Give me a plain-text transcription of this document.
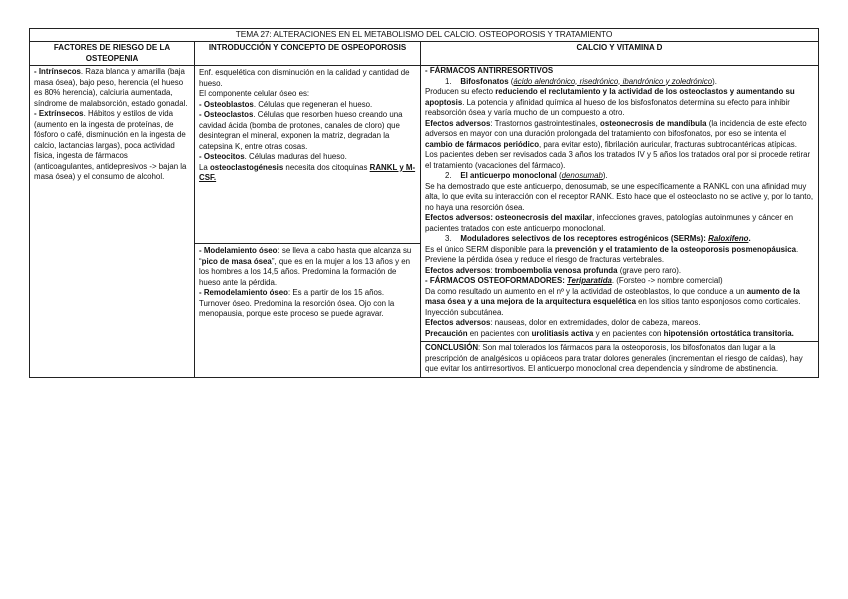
TEMA 27: ALTERACIONES EN EL METABOLISMO DEL CALCIO. OSTEOPOROSIS Y TRATAMIENTO
FACTORES DE RIESGO DE LA OSTEOPENIA
INTRODUCCIÓN Y CONCEPTO DE OSPEOPOROSIS	CALCIO Y VITAMINA D

- Intrínsecos. Raza blanca y amarilla (baja masa ósea), bajo peso, herencia (el hueso es 80% herencia), calciuria aumentada, síndrome de malabsorción, estado gonadal.

- Extrínsecos. Hábitos y estilos de vida (aumento en la ingesta de proteínas, de fósforo o café, disminución en la ingesta de calcio, lactancias largas), poca actividad física, ingesta de fármacos (anticoagulantes, antidepresivos -> bajan la masa ósea) y el consumo de alcohol.

Enf. esquelética con disminución en la calidad y cantidad de hueso.

El componente celular óseo es:

- Osteoblastos. Células que regeneran el hueso.

- Osteoclastos. Células que resorben hueso creando una cavidad ácida (bomba de protones, canales de cloro) que desintegran el mineral, exponen la matriz, degradan la catepsina K, entre otras cosas.

- Osteocitos. Células maduras del hueso.

La osteoclastogénesis necesita dos citoquinas RANKL y M-CSF.

- Modelamiento óseo: se lleva a cabo hasta que alcanza su “pico de masa ósea”, que es en la mujer a los 13 años y en los hombres a los 14,5 años. Predomina la formación de hueso ante la pérdida.

- Remodelamiento óseo: Es a partir de los 15 años. Turnover óseo. Predomina la resorción ósea. Ojo con la menopausia, porque este proceso se puede agravar.

- FÁRMACOS ANTIRRESORTIVOS

1. Bifosfonatos (ácido alendrónico, risedrónico, ibandrónico y zoledrónico).

Producen su efecto reduciendo el reclutamiento y la actividad de los osteoclastos y aumentando su apoptosis. La potencia y afinidad química al hueso de los bisfosfonatos determina su efecto para inhibir reabsorción ósea y varía mucho de un compuesto a otro.

Efectos adversos: Trastornos gastrointestinales, osteonecrosis de mandíbula (la incidencia de este efecto adversos en mayor con una duración prolongada del tratamiento con bifosfonatos, por eso se intenta el cambio de fármacos periódico, para evitar esto), fibrilación auricular, fracturas subtrocantéricas atípicas.

Los pacientes deben ser revisados cada 3 años los tratados IV y 5 años los tratados oral por si procede retirar el tratamiento (vacaciones del fármaco).

2. El anticuerpo monoclonal (denosumab).

Se ha demostrado que este anticuerpo, denosumab, se une específicamente a RANKL con una afinidad muy alta, lo que evita su interacción con el receptor RANK. Esto hace que el osteoclasto no se active y, por lo tanto, no haya una resorción ósea.

Efectos adversos: osteonecrosis del maxilar, infecciones graves, patologías autoinmunes y cáncer en pacientes tratados con este anticuerpo monoclonal.

3. Moduladores selectivos de los receptores estrogénicos (SERMs): Raloxifeno.

Es el único SERM disponible para la prevención y el tratamiento de la osteoporosis posmenopáusica. Previene la pérdida ósea y reduce el riesgo de fracturas vertebrales.

Efectos adversos: tromboembolia venosa profunda (grave pero raro).

- FÁRMACOS OSTEOFORMADORES: Teriparatida. (Forsteo -> nombre comercial)

Da como resultado un aumento en el nº y la actividad de osteoblastos, lo que conduce a un aumento de la masa ósea y a una mejora de la arquitectura esquelética en los sitios tanto esponjosos como corticales. Inyección subcutánea.

Efectos adversos: nauseas, dolor en extremidades, dolor de cabeza, mareos.

Precaución en pacientes con urolitiasis activa y en pacientes con hipotensión ortostática transitoria.

CONCLUSIÓN: Son mal tolerados los fármacos para la osteoporosis, los bifosfonatos dan lugar a la prescripción de analgésicos u opiáceos para tratar dolores generales (incrementan el riesgo de caídas), hay que evitar los antirresortivos. El anticuerpo monoclonal crea dependencia y síndrome de abstinencia.
